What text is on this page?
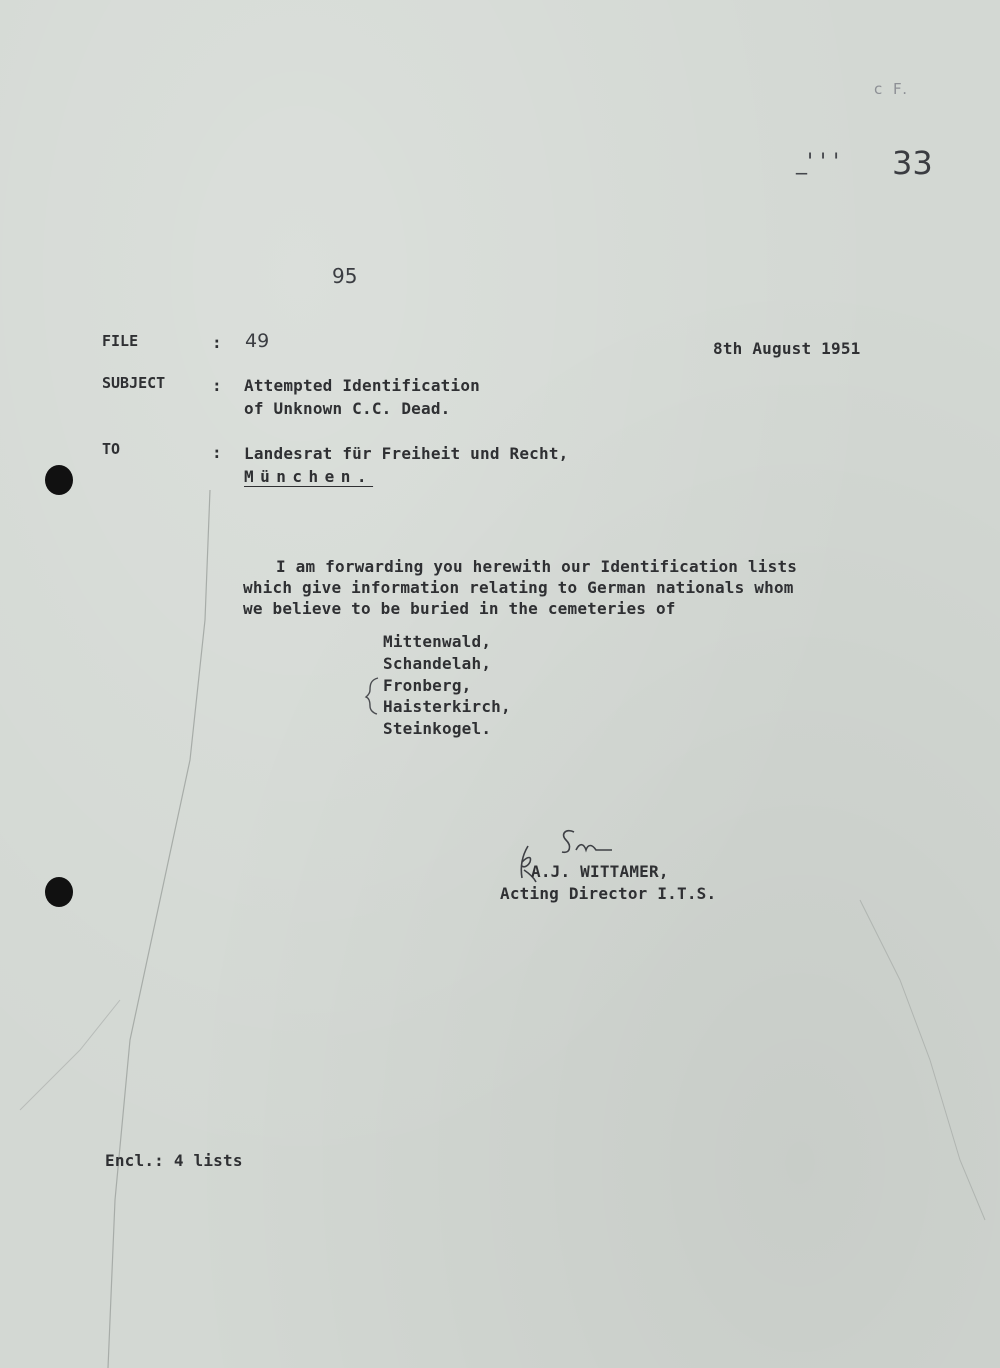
c F.
_' ' ' 33
95
FILE	: 49	8th August 1951
SUBJECT	: Attempted Identification
of Unknown C.C. Dead.
TO	: Landesrat für Freiheit und Recht,
München.
I am forwarding you herewith our Identification lists
which give information relating to German nationals whom
we believe to be buried in the cemeteries of
Mittenwald,
Schandelah,
Fronberg,
Haisterkirch,
Steinkogel.
A.J. WITTAMER,
Acting Director I.T.S.
Encl.: 4 lists
